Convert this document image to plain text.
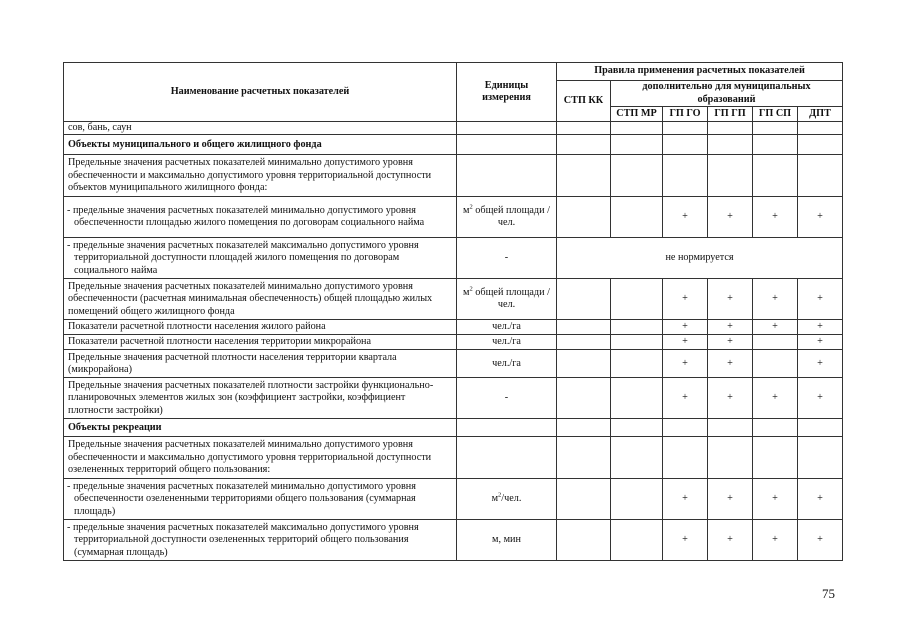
Наименование расчетных показателей	Единицы измерения	Правила применения расчетных показателей					
		СТП КК	дополнительно для муниципальных образований				
			СТП МР	ГП ГО	ГП ГП	ГП СП	ДПТ
сов, бань, саун							
Объекты муниципального и общего жилищного фонда							
Предельные значения расчетных показателей минимально допустимого уровня обеспеченности и максимально допустимого уровня территориальной доступности объектов муниципального жилищного фонда:							
- предельные значения расчетных показателей минимально допустимого уровня обеспеченности площадью жилого помещения по договорам социального найма	$м^2$ общей площади / чел.			+	+	+	+
- предельные значения расчетных показателей максимально допустимого уровня территориальной доступности площадей жилого помещения по договорам социального найма	-	не нормируется					
Предельные значения расчетных показателей минимально допустимого уровня обеспеченности (расчетная минимальная обеспеченность) общей площадью жилых помещений общего жилищного фонда	$м^2$ общей площади / чел.			+	+	+	+
Показатели расчетной плотности населения жилого района	чел./га			+	+	+	+
Показатели расчетной плотности населения территории микрорайона	чел./га			+	+		+
Предельные значения расчетной плотности населения территории квартала (микрорайона)	чел./га			+	+		+
Предельные значения расчетных показателей плотности застройки функционально-планировочных элементов жилых зон (коэффициент застройки, коэффициент плотности застройки)	-			+	+	+	+
Объекты рекреации							
Предельные значения расчетных показателей минимально допустимого уровня обеспеченности и максимально допустимого уровня территориальной доступности озелененных территорий общего пользования:							
- предельные значения расчетных показателей минимально допустимого уровня обеспеченности озелененными территориями общего пользования (суммарная площадь)	$м^2$/чел.			+	+	+	+
- предельные значения расчетных показателей максимально допустимого уровня территориальной доступности озелененных территорий общего пользования (суммарная площадь)	м, мин			+	+	+	+
75
